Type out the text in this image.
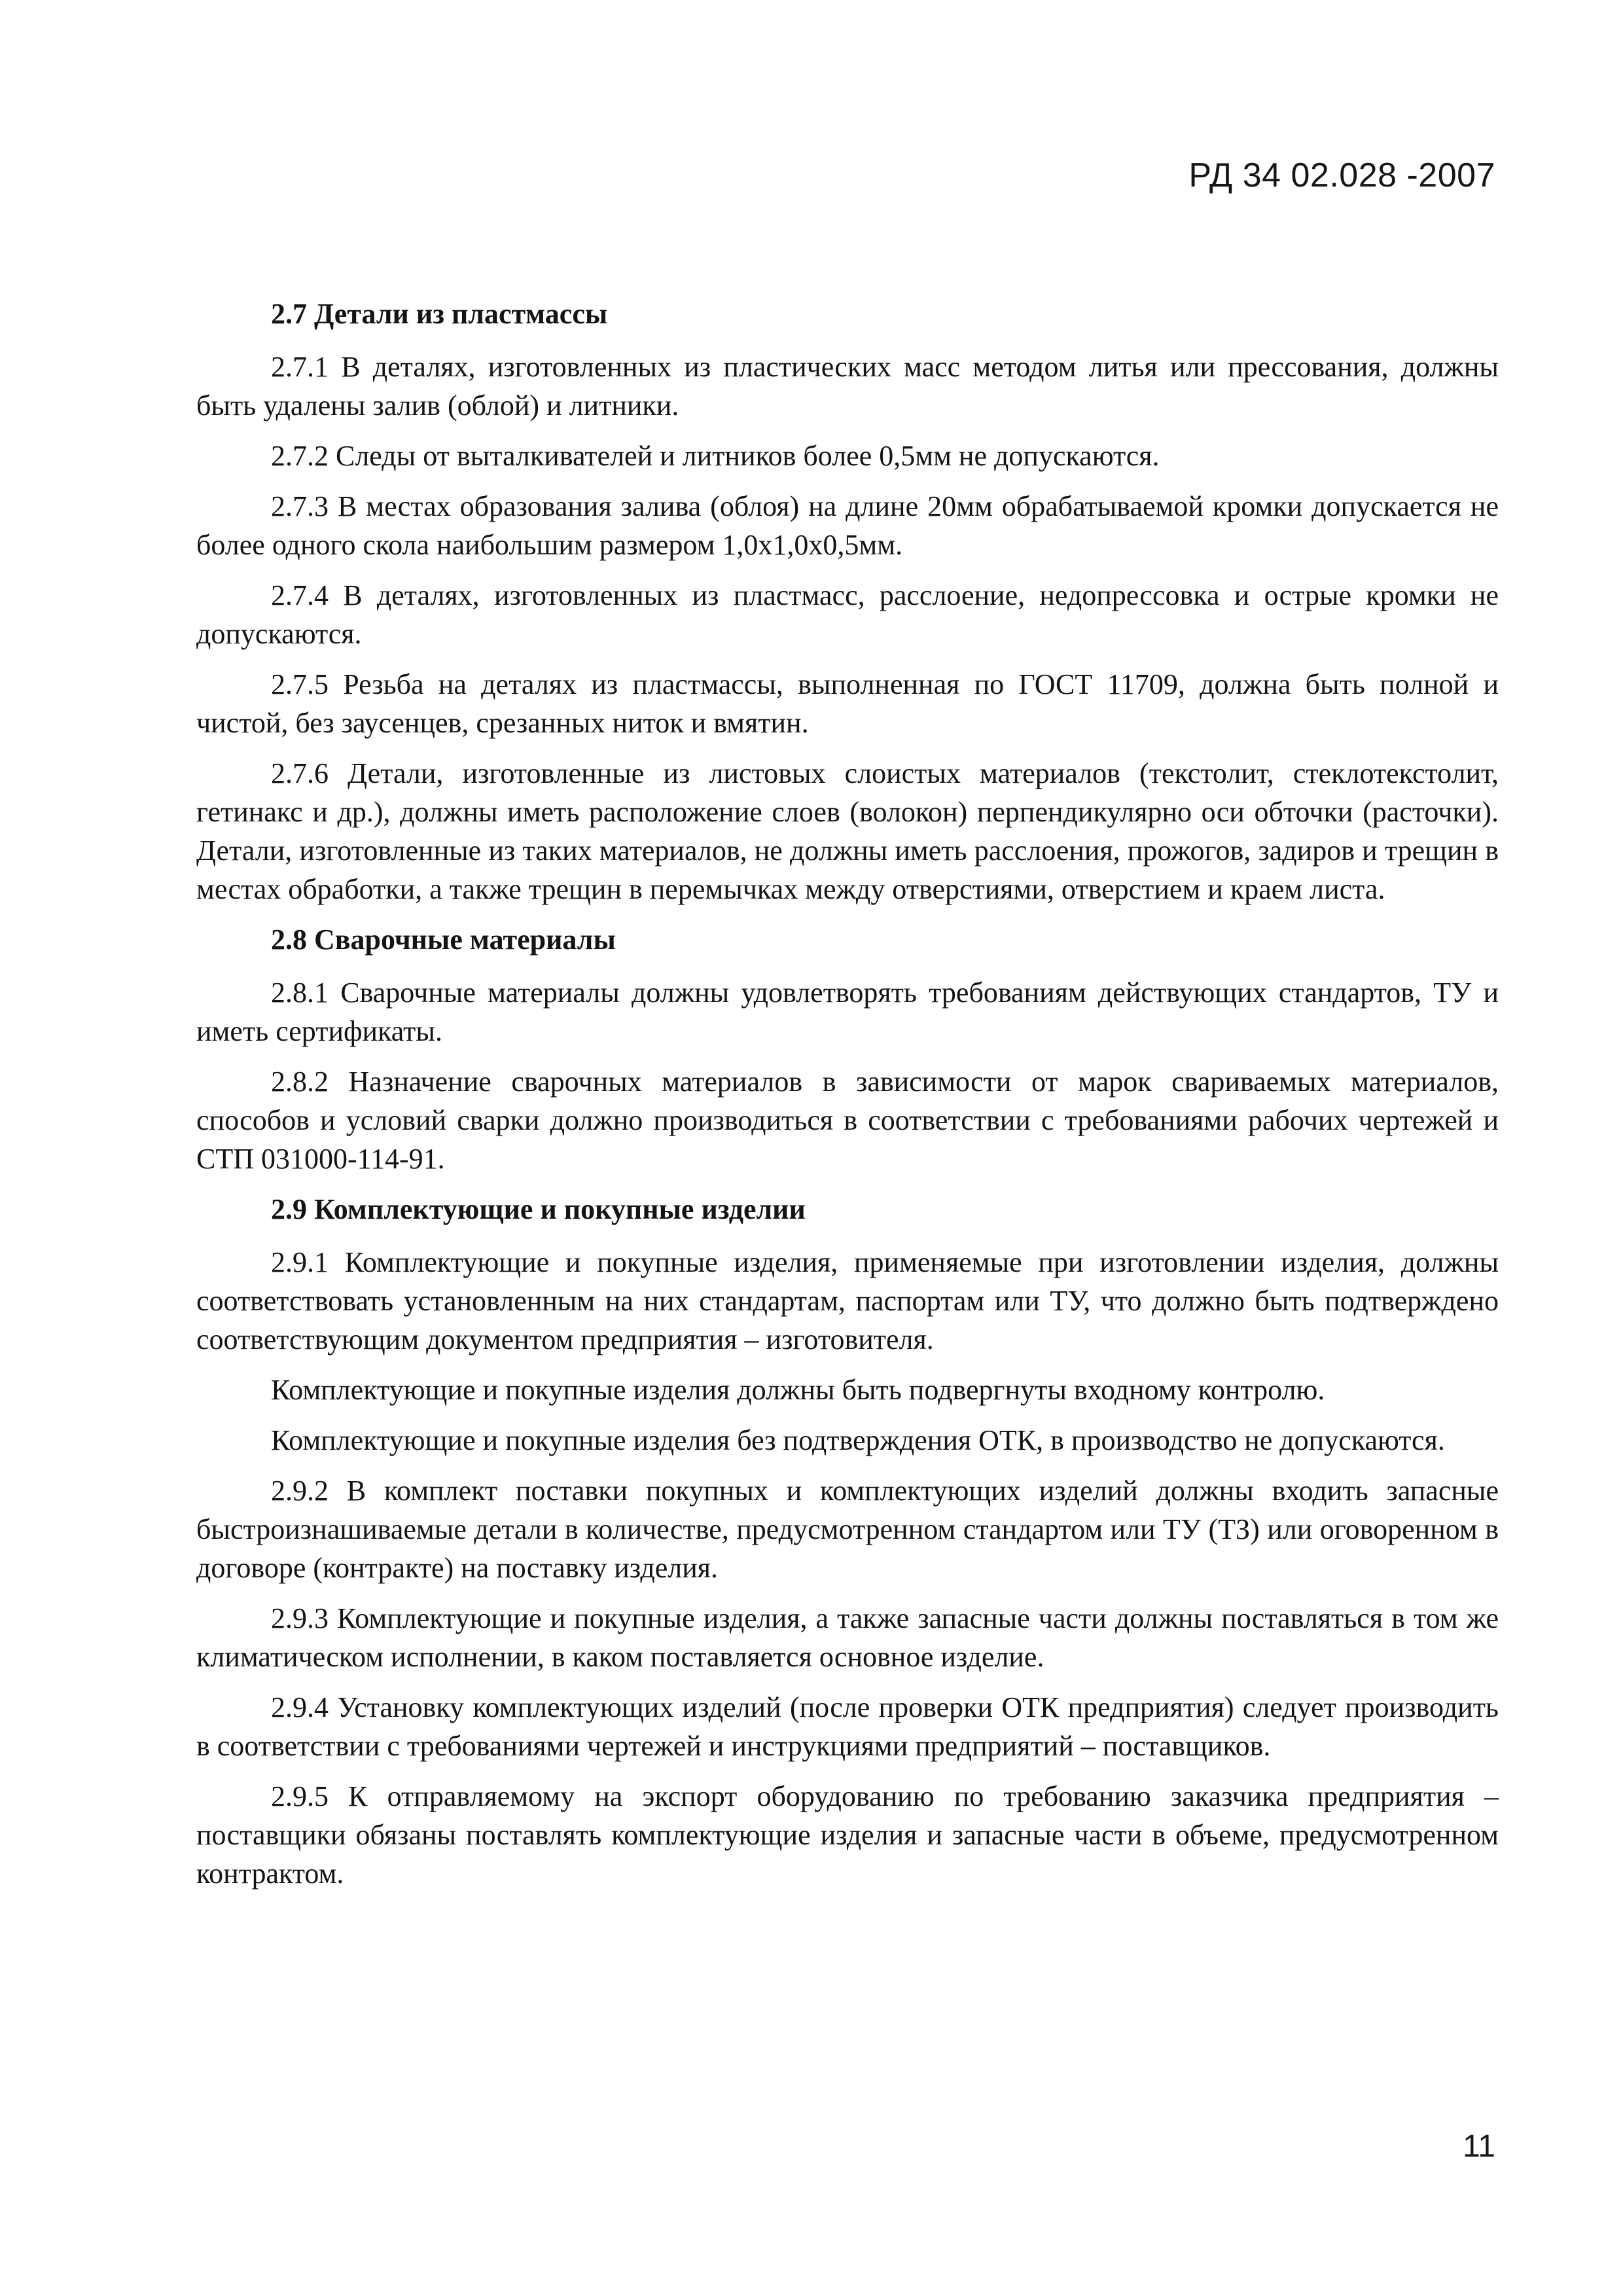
РД 34 02.028 -2007
2.7 Детали из пластмассы

2.7.1 В деталях, изготовленных из пластических масс методом литья или прессования, должны быть удалены залив (облой) и литники.

2.7.2 Следы от выталкивателей и литников более 0,5мм не допускаются.

2.7.3 В местах образования залива (облоя) на длине 20мм обрабатываемой кромки допускается не более одного скола наибольшим размером 1,0х1,0х0,5мм.

2.7.4 В деталях, изготовленных из пластмасс, расслоение, недопрессовка и острые кромки не допускаются.

2.7.5 Резьба на деталях из пластмассы, выполненная по ГОСТ 11709, должна быть полной и чистой, без заусенцев, срезанных ниток и вмятин.

2.7.6 Детали, изготовленные из листовых слоистых материалов (текстолит, стеклотекстолит, гетинакс и др.), должны иметь расположение слоев (волокон) перпендикулярно оси обточки (расточки). Детали, изготовленные из таких материалов, не должны иметь расслоения, прожогов, задиров и трещин в местах обработки, а также трещин в перемычках между отверстиями, отверстием и краем листа.

2.8 Сварочные материалы

2.8.1 Сварочные материалы должны удовлетворять требованиям действующих стандартов, ТУ и иметь сертификаты.

2.8.2 Назначение сварочных материалов в зависимости от марок свариваемых материалов, способов и условий сварки должно производиться в соответствии с требованиями рабочих чертежей и СТП 031000-114-91.

2.9 Комплектующие и покупные изделии

2.9.1 Комплектующие и покупные изделия, применяемые при изготовлении изделия, должны соответствовать установленным на них стандартам, паспортам или ТУ, что должно быть подтверждено соответствующим документом предприятия – изготовителя.

Комплектующие и покупные изделия должны быть подвергнуты входному контролю.

Комплектующие и покупные изделия без подтверждения ОТК, в производство не допускаются.

2.9.2 В комплект поставки покупных и комплектующих изделий должны входить запасные быстроизнашиваемые детали в количестве, предусмотренном стандартом или ТУ (ТЗ) или оговоренном в договоре (контракте) на поставку изделия.

2.9.3 Комплектующие и покупные изделия, а также запасные части должны поставляться в том же климатическом исполнении, в каком поставляется основное изделие.

2.9.4 Установку комплектующих изделий (после проверки ОТК предприятия) следует производить в соответствии с требованиями чертежей и инструкциями предприятий – поставщиков.

2.9.5 К отправляемому на экспорт оборудованию по требованию заказчика предприятия – поставщики обязаны поставлять комплектующие изделия и запасные части в объеме, предусмотренном контрактом.

11
